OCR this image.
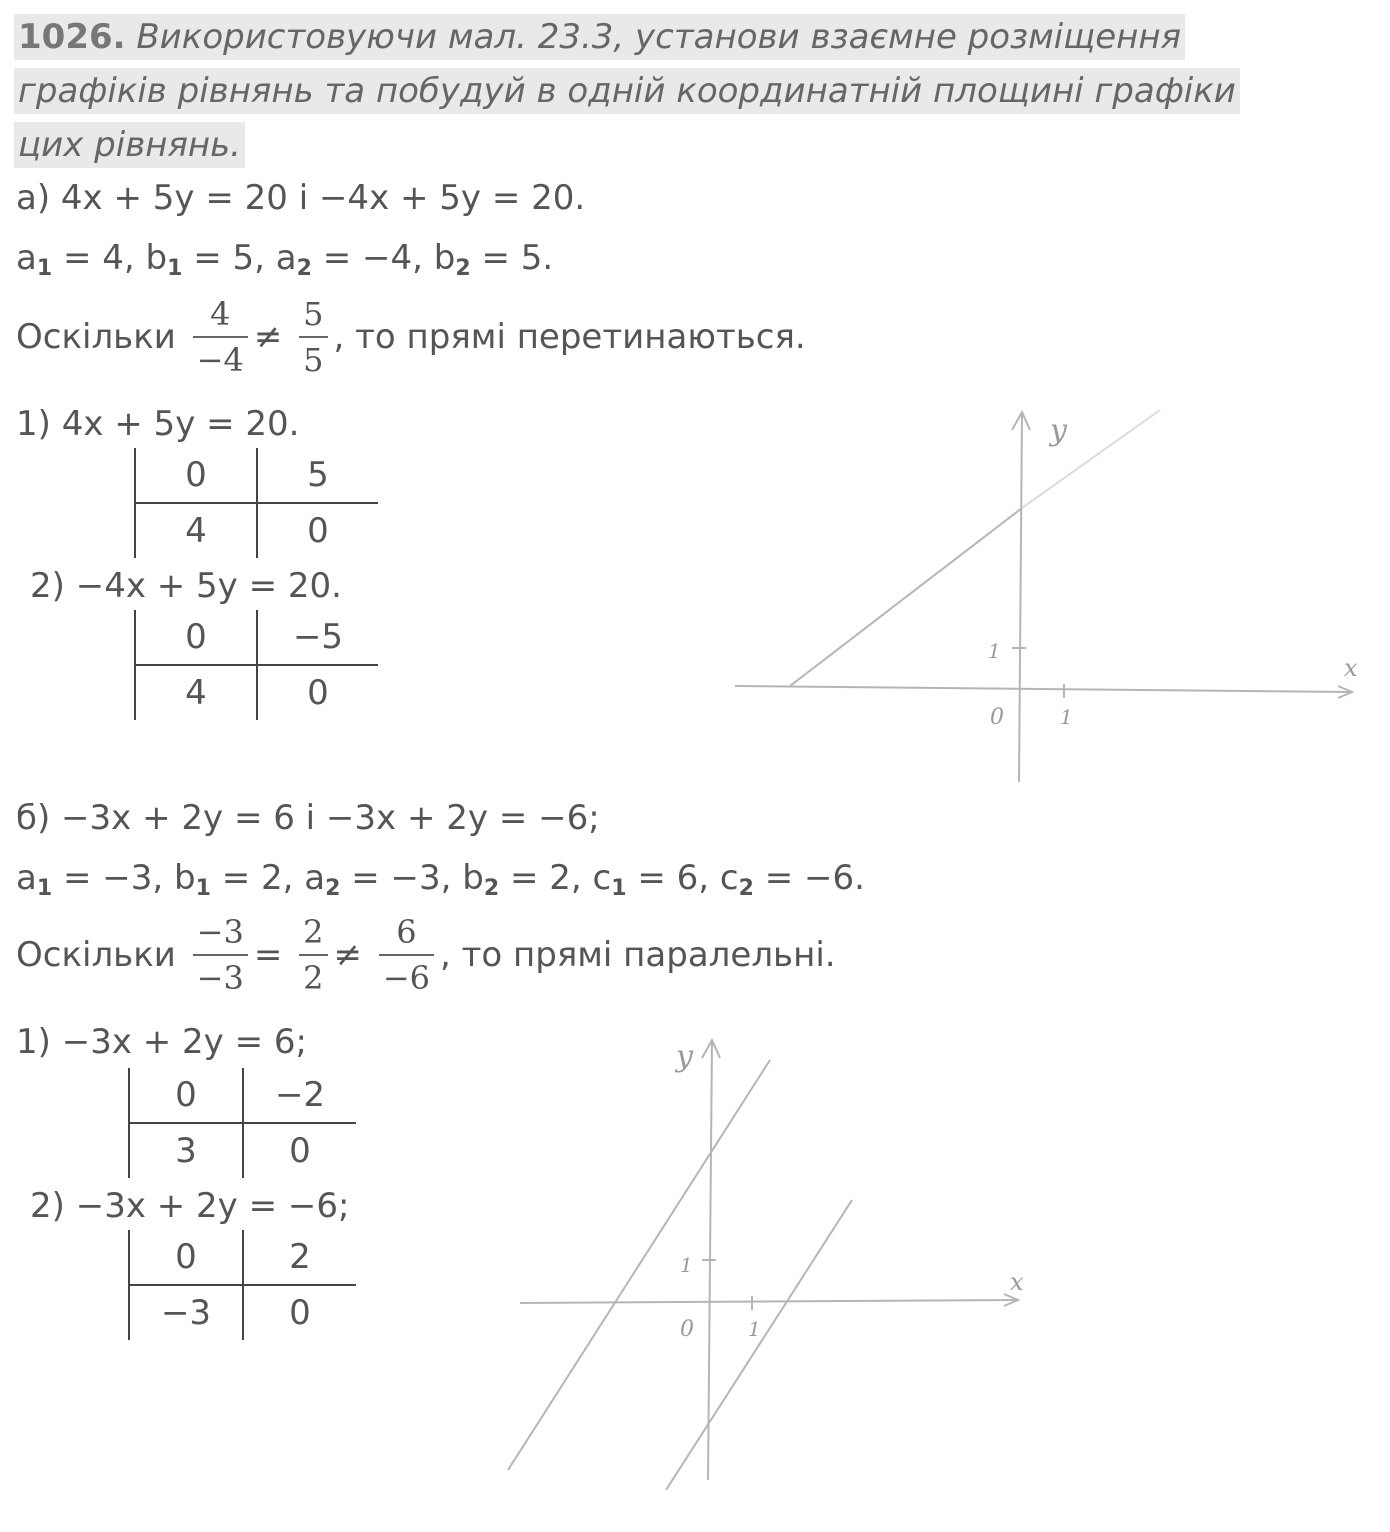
1026. Використовуючи мал. 23.3, установи взаємне розміщення
графіків рівнянь та побудуй в одній координатній площині графіки
цих рівнянь.
а) 4x + 5y = 20 і −4x + 5y = 20.
a1 = 4, b1 = 5, a2 = −4, b2 = 5.
Оскільки $\frac{4}{-4} \ne \frac{5}{5}$ , то прямі перетинаються.
1) 4x + 5y = 20.
0	5
4	0
2) −4x + 5y = 20.
0	−5
4	0
б) −3x + 2y = 6 і −3x + 2y = −6;
a1 = −3, b1 = 2, a2 = −3, b2 = 2, c1 = 6, c2 = −6.
Оскільки $\frac{-3}{-3} = \frac{2}{2} \ne \frac{6}{-6}$ , то прямі паралельні.
1) −3x + 2y = 6;
0	−2
3	0
2) −3x + 2y = −6;
0	2
−3	0
y
x
1
1
0
y
x
1
1
0
